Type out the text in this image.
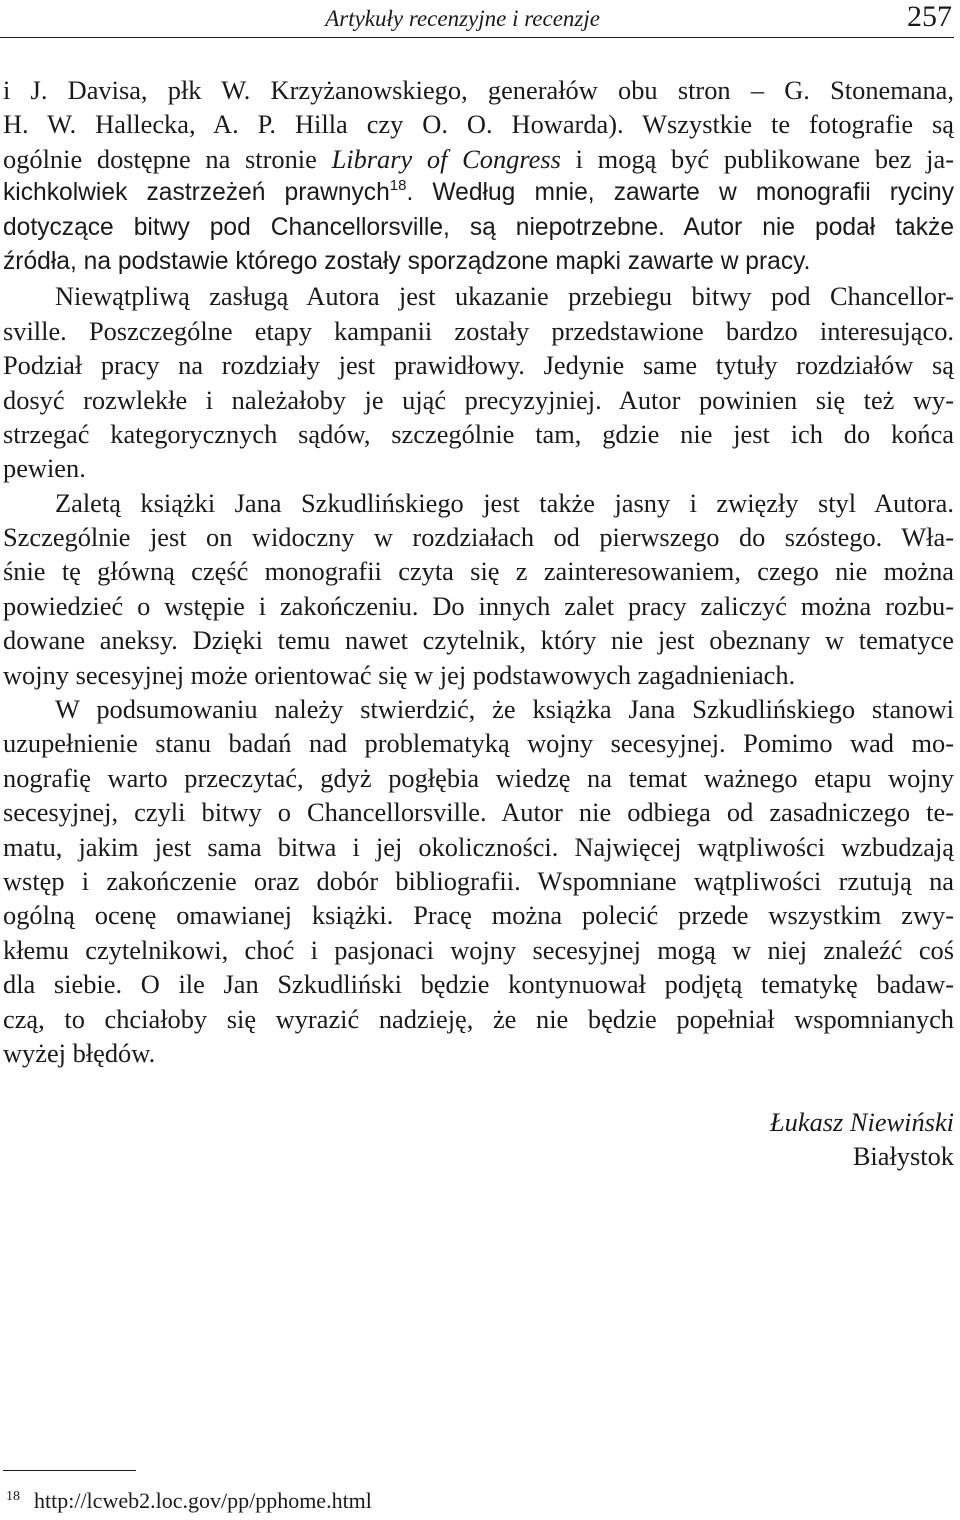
Artykuły recenzyjne i recenzje	257
i J. Davisa, płk W. Krzyżanowskiego, generałów obu stron – G. Stonemana,
H. W. Hallecka, A. P. Hilla czy O. O. Howarda). Wszystkie te fotografie są
ogólnie dostępne na stronie Library of Congress i mogą być publikowane bez ja-
kichkolwiek zastrzeżeń prawnych$^{18}$. Według mnie, zawarte w monografii ryciny
dotyczące bitwy pod Chancellorsville, są niepotrzebne. Autor nie podał także
źródła, na podstawie którego zostały sporządzone mapki zawarte w pracy.
Niewątpliwą zasługą Autora jest ukazanie przebiegu bitwy pod Chancellor-
sville. Poszczególne etapy kampanii zostały przedstawione bardzo interesująco.
Podział pracy na rozdziały jest prawidłowy. Jedynie same tytuły rozdziałów są
dosyć rozwlekłe i należałoby je ująć precyzyjniej. Autor powinien się też wy-
strzegać kategorycznych sądów, szczególnie tam, gdzie nie jest ich do końca
pewien.
Zaletą książki Jana Szkudlińskiego jest także jasny i zwięzły styl Autora.
Szczególnie jest on widoczny w rozdziałach od pierwszego do szóstego. Wła-
śnie tę główną część monografii czyta się z zainteresowaniem, czego nie można
powiedzieć o wstępie i zakończeniu. Do innych zalet pracy zaliczyć można rozbu-
dowane aneksy. Dzięki temu nawet czytelnik, który nie jest obeznany w tematyce
wojny secesyjnej może orientować się w jej podstawowych zagadnieniach.
W podsumowaniu należy stwierdzić, że książka Jana Szkudlińskiego stanowi
uzupełnienie stanu badań nad problematyką wojny secesyjnej. Pomimo wad mo-
nografię warto przeczytać, gdyż pogłębia wiedzę na temat ważnego etapu wojny
secesyjnej, czyli bitwy o Chancellorsville. Autor nie odbiega od zasadniczego te-
matu, jakim jest sama bitwa i jej okoliczności. Najwięcej wątpliwości wzbudzają
wstęp i zakończenie oraz dobór bibliografii. Wspomniane wątpliwości rzutują na
ogólną ocenę omawianej książki. Pracę można polecić przede wszystkim zwy-
kłemu czytelnikowi, choć i pasjonaci wojny secesyjnej mogą w niej znaleźć coś
dla siebie. O ile Jan Szkudliński będzie kontynuował podjętą tematykę badaw-
czą, to chciałoby się wyrazić nadzieję, że nie będzie popełniał wspomnianych
wyżej błędów.
Łukasz Niewiński
Białystok
$^{18}$ http://lcweb2.loc.gov/pp/pphome.html
